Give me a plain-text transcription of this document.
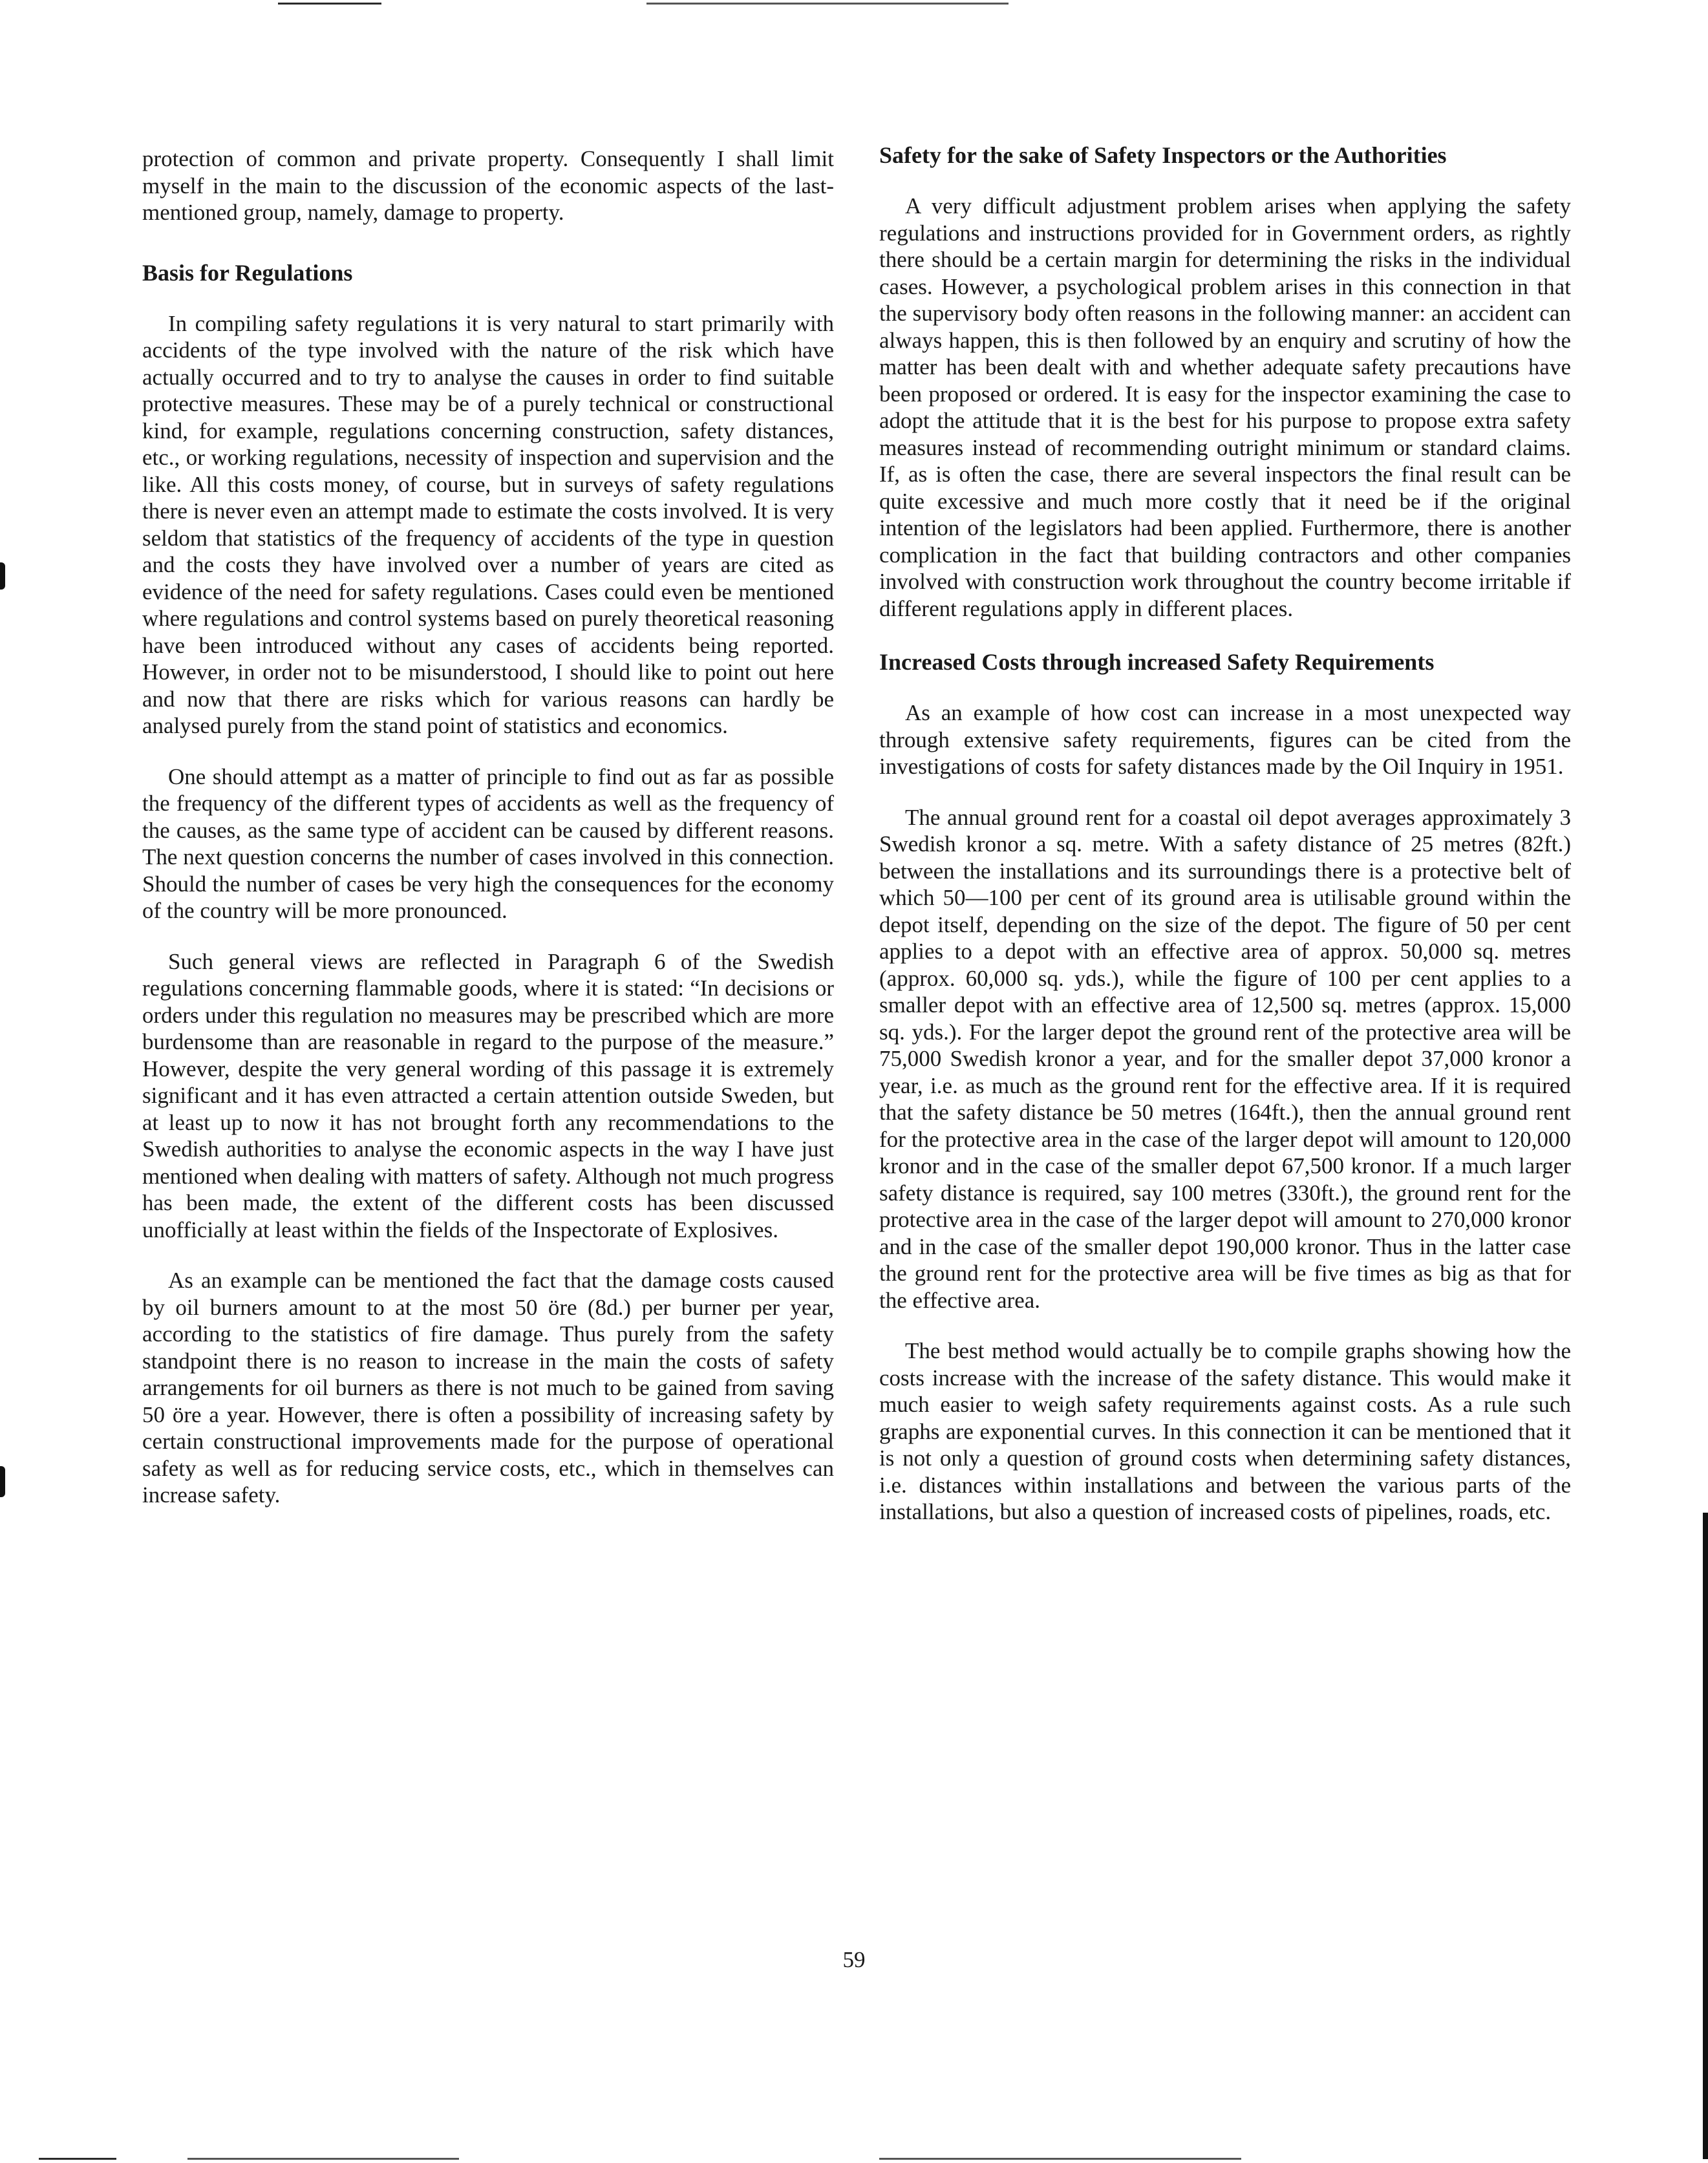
protection of common and private property. Consequently I shall limit myself in the main to the discussion of the economic aspects of the last-mentioned group, namely, damage to property.

Basis for Regulations

In compiling safety regulations it is very natural to start primarily with accidents of the type involved with the nature of the risk which have actually occurred and to try to analyse the causes in order to find suitable protective measures. These may be of a purely technical or constructional kind, for example, regulations concerning construction, safety distances, etc., or working regulations, necessity of inspection and supervision and the like. All this costs money, of course, but in surveys of safety regulations there is never even an attempt made to estimate the costs involved. It is very seldom that statistics of the frequency of accidents of the type in question and the costs they have involved over a number of years are cited as evidence of the need for safety regulations. Cases could even be mentioned where regulations and control systems based on purely theoretical reasoning have been introduced without any cases of accidents being reported. However, in order not to be misunderstood, I should like to point out here and now that there are risks which for various reasons can hardly be analysed purely from the stand point of statistics and economics.

One should attempt as a matter of principle to find out as far as possible the frequency of the different types of accidents as well as the frequency of the causes, as the same type of accident can be caused by different reasons. The next question concerns the number of cases involved in this connection. Should the number of cases be very high the consequences for the economy of the country will be more pronounced.

Such general views are reflected in Paragraph 6 of the Swedish regulations concerning flammable goods, where it is stated: “In decisions or orders under this regulation no measures may be prescribed which are more burdensome than are reasonable in regard to the purpose of the measure.” However, despite the very general wording of this passage it is extremely significant and it has even attracted a certain attention outside Sweden, but at least up to now it has not brought forth any recommendations to the Swedish authorities to analyse the economic aspects in the way I have just mentioned when dealing with matters of safety. Although not much progress has been made, the extent of the different costs has been discussed unofficially at least within the fields of the Inspectorate of Explosives.

As an example can be mentioned the fact that the damage costs caused by oil burners amount to at the most 50 öre (8d.) per burner per year, according to the statistics of fire damage. Thus purely from the safety standpoint there is no reason to increase in the main the costs of safety arrangements for oil burners as there is not much to be gained from saving 50 öre a year. However, there is often a possibility of increasing safety by certain constructional improvements made for the purpose of operational safety as well as for reducing service costs, etc., which in themselves can increase safety.

Safety for the sake of Safety Inspectors or the Authorities

A very difficult adjustment problem arises when applying the safety regulations and instructions provided for in Government orders, as rightly there should be a certain margin for determining the risks in the individual cases. However, a psychological problem arises in this connection in that the supervisory body often reasons in the following manner: an accident can always happen, this is then followed by an enquiry and scrutiny of how the matter has been dealt with and whether adequate safety precautions have been proposed or ordered. It is easy for the inspector examining the case to adopt the attitude that it is the best for his purpose to propose extra safety measures instead of recommending outright minimum or standard claims. If, as is often the case, there are several inspectors the final result can be quite excessive and much more costly that it need be if the original intention of the legislators had been applied. Furthermore, there is another complication in the fact that building contractors and other companies involved with construction work throughout the country become irritable if different regulations apply in different places.

Increased Costs through increased Safety Requirements

As an example of how cost can increase in a most unexpected way through extensive safety requirements, figures can be cited from the investigations of costs for safety distances made by the Oil Inquiry in 1951.

The annual ground rent for a coastal oil depot averages approximately 3 Swedish kronor a sq. metre. With a safety distance of 25 metres (82ft.) between the installations and its surroundings there is a protective belt of which 50—100 per cent of its ground area is utilisable ground within the depot itself, depending on the size of the depot. The figure of 50 per cent applies to a depot with an effective area of approx. 50,000 sq. metres (approx. 60,000 sq. yds.), while the figure of 100 per cent applies to a smaller depot with an effective area of 12,500 sq. metres (approx. 15,000 sq. yds.). For the larger depot the ground rent of the protective area will be 75,000 Swedish kronor a year, and for the smaller depot 37,000 kronor a year, i.e. as much as the ground rent for the effective area. If it is required that the safety distance be 50 metres (164ft.), then the annual ground rent for the protective area in the case of the larger depot will amount to 120,000 kronor and in the case of the smaller depot 67,500 kronor. If a much larger safety distance is required, say 100 metres (330ft.), the ground rent for the protective area in the case of the larger depot will amount to 270,000 kronor and in the case of the smaller depot 190,000 kronor. Thus in the latter case the ground rent for the protective area will be five times as big as that for the effective area.

The best method would actually be to compile graphs showing how the costs increase with the increase of the safety distance. This would make it much easier to weigh safety requirements against costs. As a rule such graphs are exponential curves. In this connection it can be mentioned that it is not only a question of ground costs when determining safety distances, i.e. distances within installations and between the various parts of the installations, but also a question of increased costs of pipelines, roads, etc.

59
